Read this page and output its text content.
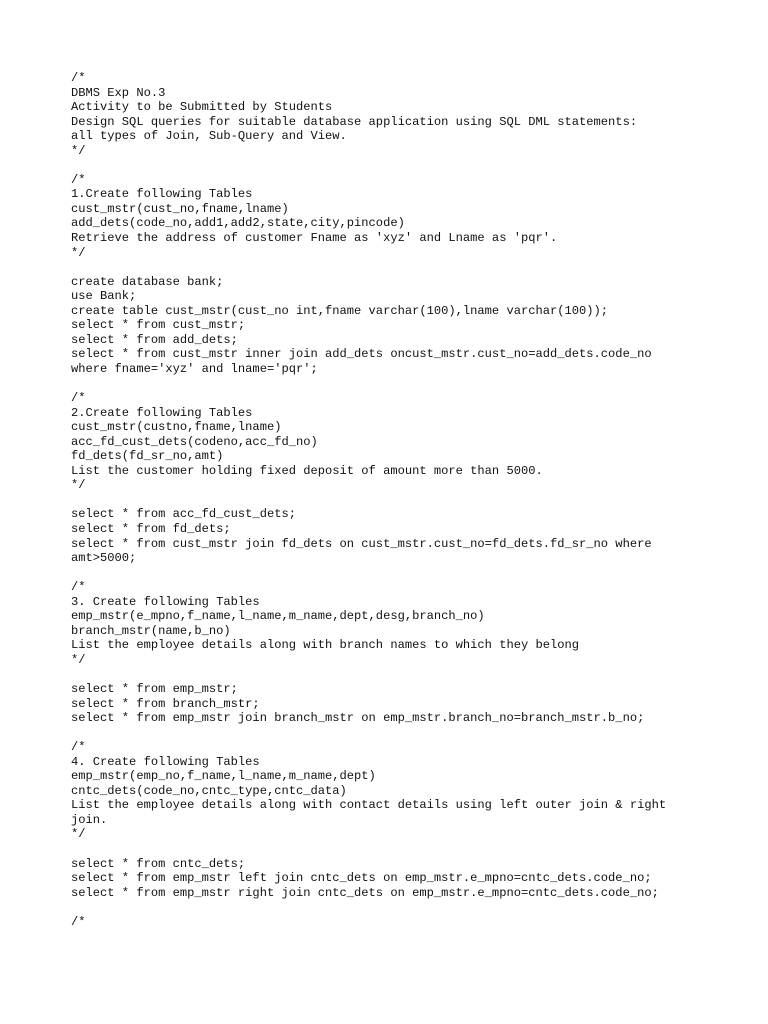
/*
DBMS Exp No.3
Activity to be Submitted by Students
Design SQL queries for suitable database application using SQL DML statements:
all types of Join, Sub-Query and View.
*/
/*
1.Create following Tables
cust_mstr(cust_no,fname,lname)
add_dets(code_no,add1,add2,state,city,pincode)
Retrieve the address of customer Fname as 'xyz' and Lname as 'pqr'.
*/
create database bank;
use Bank;
create table cust_mstr(cust_no int,fname varchar(100),lname varchar(100));
select * from cust_mstr;
select * from add_dets;
select * from cust_mstr inner join add_dets oncust_mstr.cust_no=add_dets.code_no
where fname='xyz' and lname='pqr';
/*
2.Create following Tables
cust_mstr(custno,fname,lname)
acc_fd_cust_dets(codeno,acc_fd_no)
fd_dets(fd_sr_no,amt)
List the customer holding fixed deposit of amount more than 5000.
*/
select * from acc_fd_cust_dets;
select * from fd_dets;
select * from cust_mstr join fd_dets on cust_mstr.cust_no=fd_dets.fd_sr_no where
amt>5000;
/*
3. Create following Tables
emp_mstr(e_mpno,f_name,l_name,m_name,dept,desg,branch_no)
branch_mstr(name,b_no)
List the employee details along with branch names to which they belong
*/
select * from emp_mstr;
select * from branch_mstr;
select * from emp_mstr join branch_mstr on emp_mstr.branch_no=branch_mstr.b_no;
/*
4. Create following Tables
emp_mstr(emp_no,f_name,l_name,m_name,dept)
cntc_dets(code_no,cntc_type,cntc_data)
List the employee details along with contact details using left outer join & right
join.
*/
select * from cntc_dets;
select * from emp_mstr left join cntc_dets on emp_mstr.e_mpno=cntc_dets.code_no;
select * from emp_mstr right join cntc_dets on emp_mstr.e_mpno=cntc_dets.code_no;
/*
